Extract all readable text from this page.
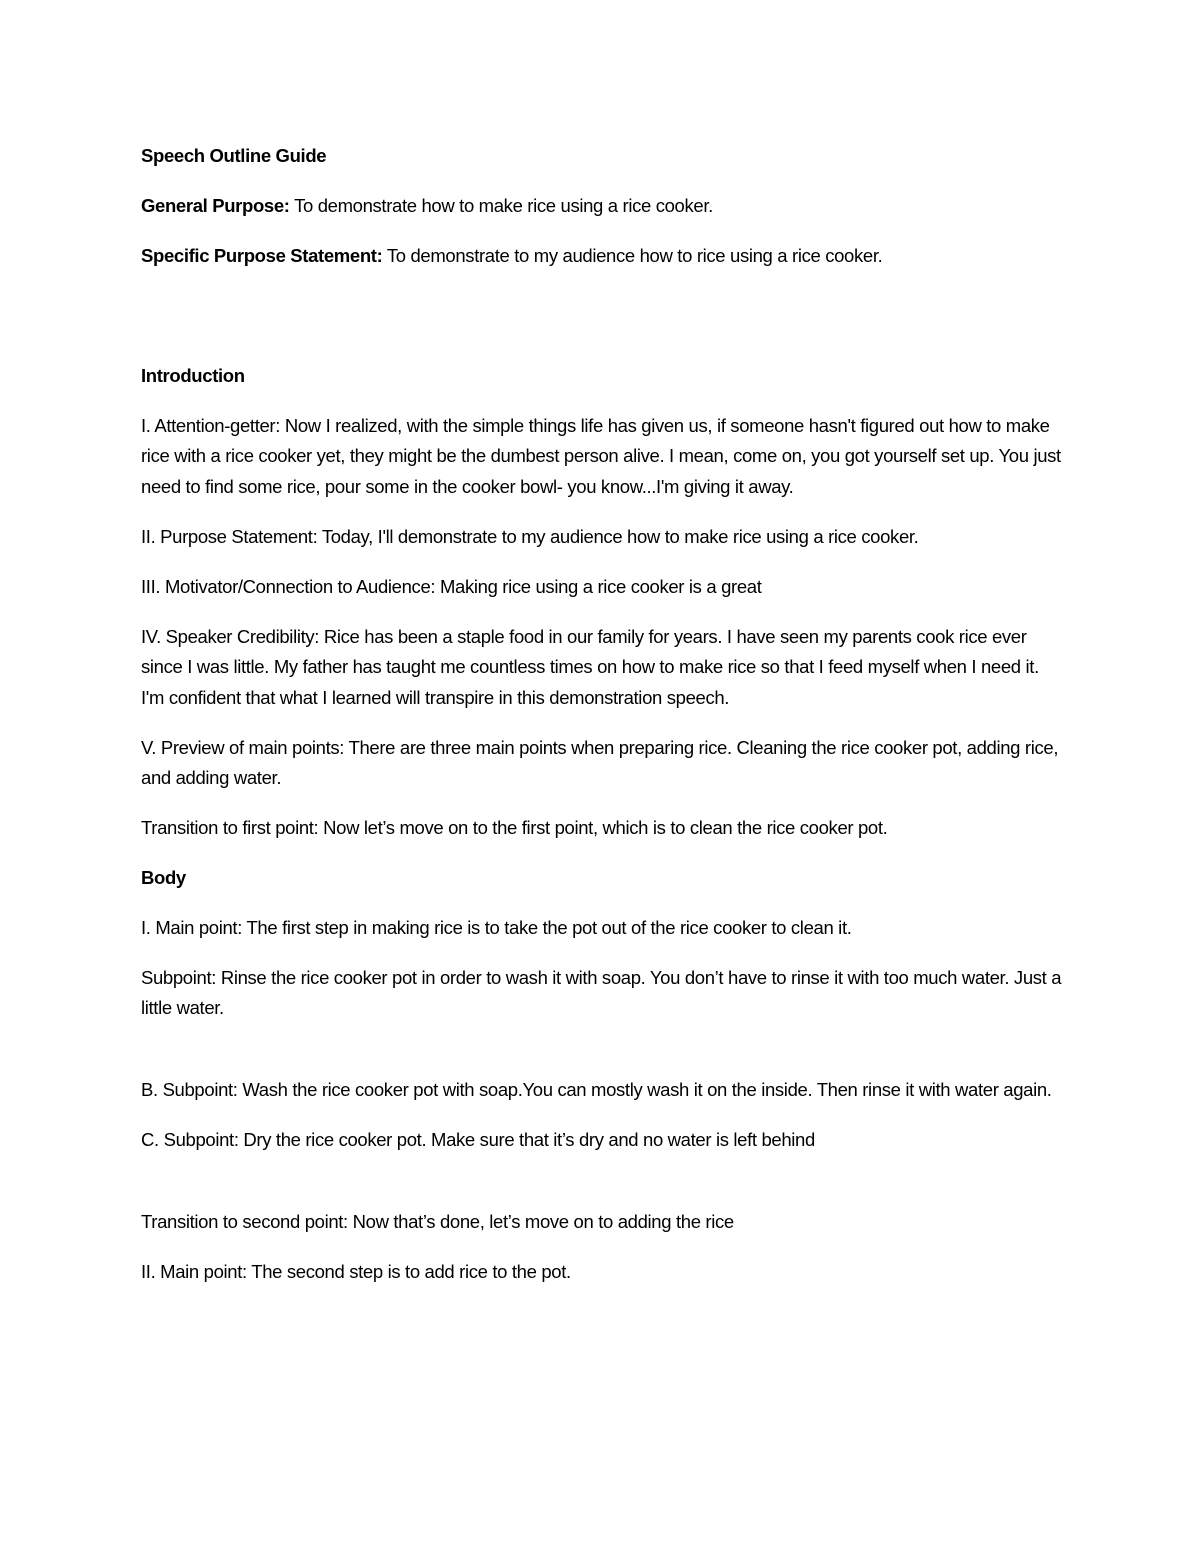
Speech Outline Guide

General Purpose: To demonstrate how to make rice using a rice cooker.

Specific Purpose Statement: To demonstrate to my audience how to rice using a rice cooker.

Introduction

I. Attention-getter: Now I realized, with the simple things life has given us, if someone hasn't figured out how to make rice with a rice cooker yet, they might be the dumbest person alive. I mean, come on, you got yourself set up. You just need to find some rice, pour some in the cooker bowl- you know...I'm giving it away.

II. Purpose Statement: Today, I'll demonstrate to my audience how to make rice using a rice cooker.

III. Motivator/Connection to Audience: Making rice using a rice cooker is a great

IV. Speaker Credibility: Rice has been a staple food in our family for years. I have seen my parents cook rice ever since I was little. My father has taught me countless times on how to make rice so that I feed myself when I need it. I'm confident that what I learned will transpire in this demonstration speech.

V. Preview of main points: There are three main points when preparing rice. Cleaning the rice cooker pot, adding rice, and adding water.

Transition to first point: Now let’s move on to the first point, which is to clean the rice cooker pot.

Body

I. Main point: The first step in making rice is to take the pot out of the rice cooker to clean it.

Subpoint: Rinse the rice cooker pot in order to wash it with soap. You don’t have to rinse it with too much water. Just a little water.

B. Subpoint: Wash the rice cooker pot with soap.You can mostly wash it on the inside. Then rinse it with water again.

C. Subpoint: Dry the rice cooker pot. Make sure that it’s dry and no water is left behind

Transition to second point: Now that’s done, let’s move on to adding the rice

II. Main point: The second step is to add rice to the pot.
